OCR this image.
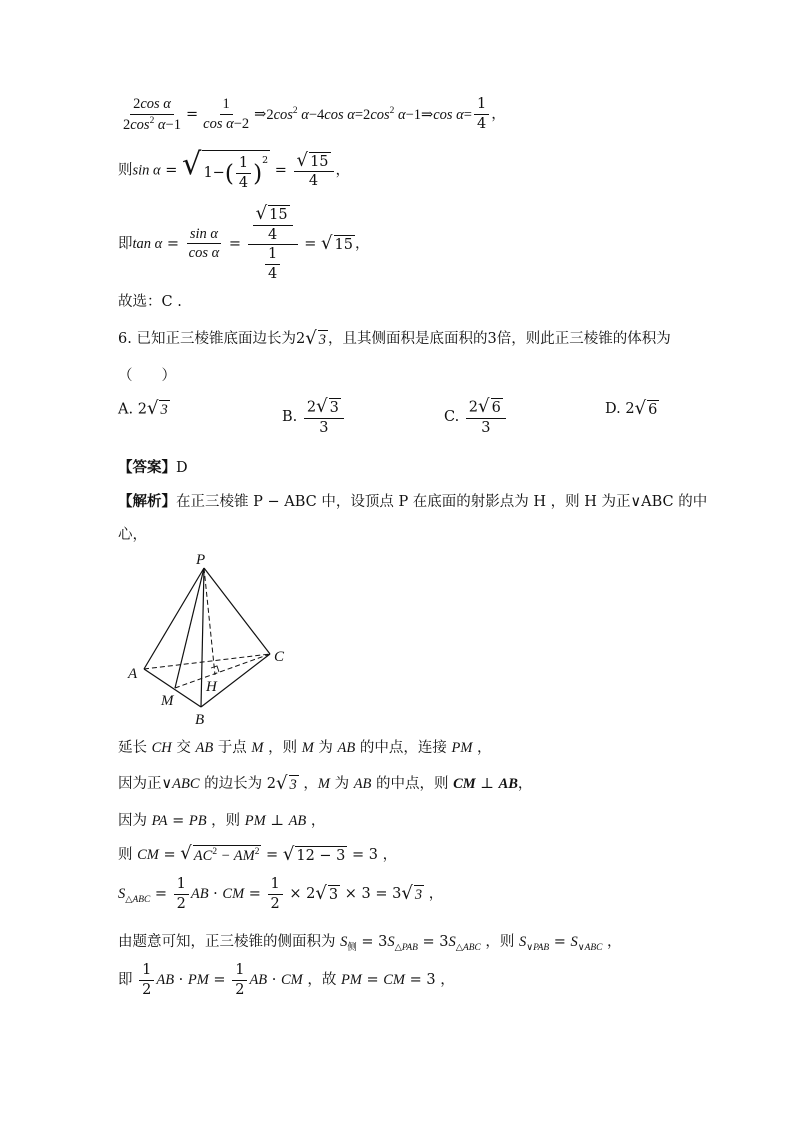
$\frac{\text{2cos α}}{2\cos^2 \alpha-1} = \frac{1}{\text{cos α−2}}$ $\Rightarrow 2\cos^2$ α−4cos $\alpha=2\cos^2$ α−1⇒cos $\alpha= \frac{1}{4}$ ，
则sin α = √ 1− ( $\frac{1}{4} )^2$
= $\frac{√ 15}{4}$ ，
即$\tan \alpha = \frac{\text{sin α}}{\text{cos α}} = \frac{\frac{√ 15}{4}}{\frac{1}{4}}$ = √ 15 ，
故选：C .
6. 已知正三棱锥底面边长为2 √ 3 ，且其侧面积是底面积的3倍，则此正三棱锥的体积为
（　　）
A. 2 √ 3	B. $\frac{2 √ 3}{3}$	C. $\frac{2 √ 6}{3}$	D. 2 √ 6
【答案】D
【解析】在正三棱锥 P − ABC 中，设顶点 P 在底面的射影点为 H ，则 H 为正∨ABC 的中
心，
P
A
B
C
M
H
延长 CH 交 AB 于点 M ，则 M 为 AB 的中点，连接 PM ，
因为正∨ABC 的边长为 2 √ 3 ，M 为 AB 的中点，则 CM ⊥ AB，
因为 PA = PB ，则 PM ⊥ AB ，
则 CM = √ $AC^2 - AM^2$ = √ 12 − 3 = 3 ，
$S_{\triangle ABC} = \frac{1}{2}$ AB · CM = $\frac{1}{2} \times 2$ √ 3 × 3 = 3 √ 3 ，
由题意可知，正三棱锥的侧面积为 $S_侧 = 3S_{\triangle PAB} = 3S_{\triangle ABC}$ ，则 $S_{\vee PAB} = S_{\vee ABC}$ ，
即 $\frac{1}{2}$ AB · PM = $\frac{1}{2}$ AB · CM ，故 PM = CM = 3 ，
